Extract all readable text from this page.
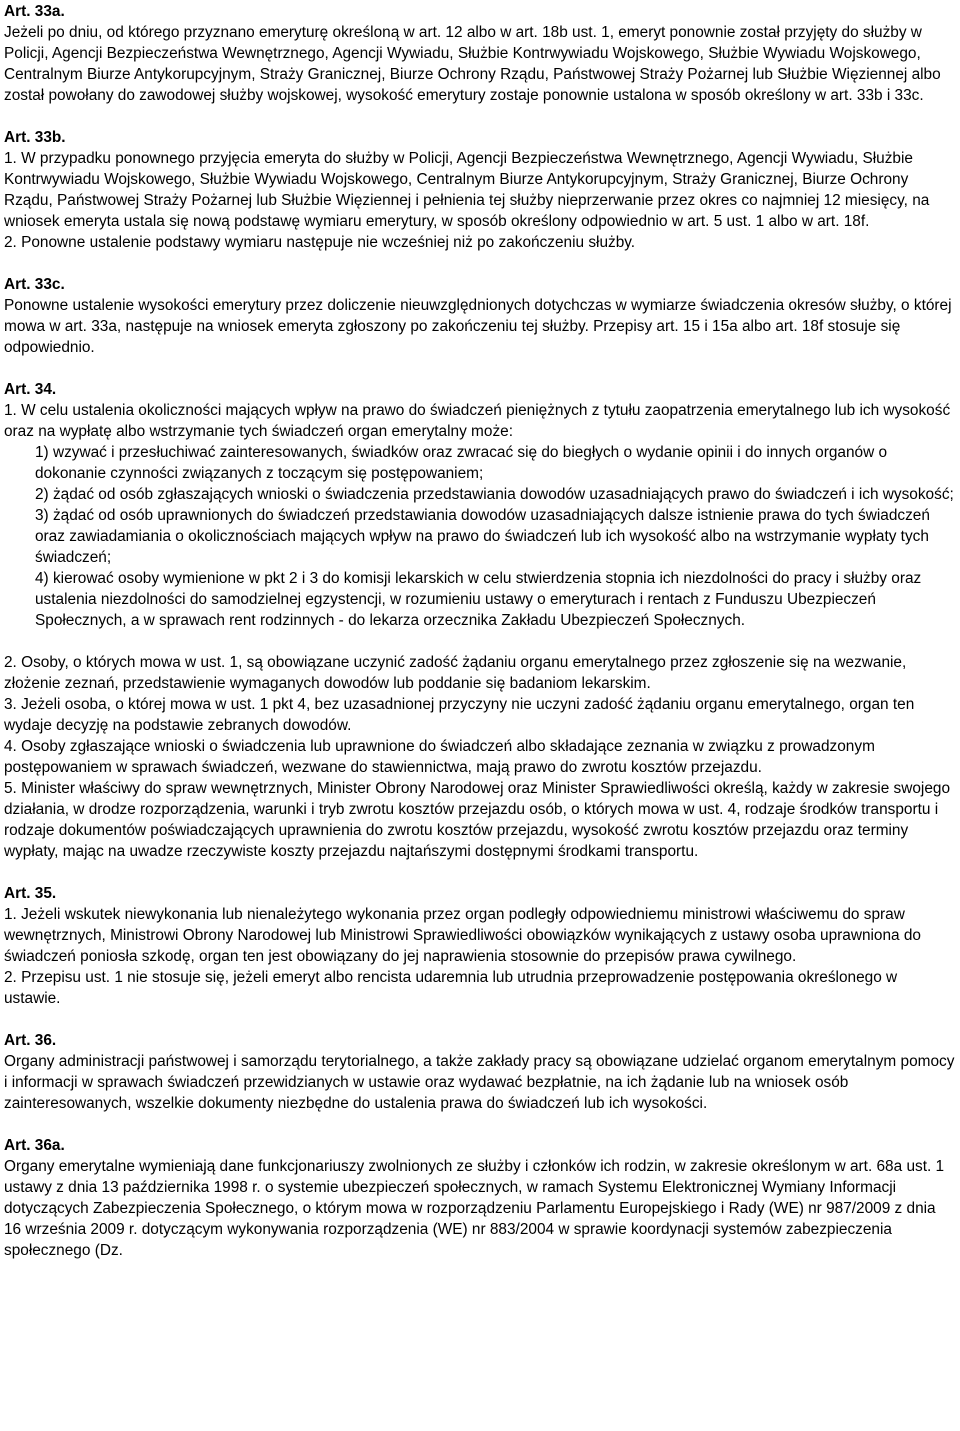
Art. 33a.
Jeżeli po dniu, od którego przyznano emeryturę określoną w art. 12 albo w art. 18b ust. 1, emeryt ponownie został przyjęty do służby w Policji, Agencji Bezpieczeństwa Wewnętrznego, Agencji Wywiadu, Służbie Kontrwywiadu Wojskowego, Służbie Wywiadu Wojskowego, Centralnym Biurze Antykorupcyjnym, Straży Granicznej, Biurze Ochrony Rządu, Państwowej Straży Pożarnej lub Służbie Więziennej albo został powołany do zawodowej służby wojskowej, wysokość emerytury zostaje ponownie ustalona w sposób określony w art. 33b i 33c.
Art. 33b.
1. W przypadku ponownego przyjęcia emeryta do służby w Policji, Agencji Bezpieczeństwa Wewnętrznego, Agencji Wywiadu, Służbie Kontrwywiadu Wojskowego, Służbie Wywiadu Wojskowego, Centralnym Biurze Antykorupcyjnym, Straży Granicznej, Biurze Ochrony Rządu, Państwowej Straży Pożarnej lub Służbie Więziennej i pełnienia tej służby nieprzerwanie przez okres co najmniej 12 miesięcy, na wniosek emeryta ustala się nową podstawę wymiaru emerytury, w sposób określony odpowiednio w art. 5 ust. 1 albo w art. 18f.
2. Ponowne ustalenie podstawy wymiaru następuje nie wcześniej niż po zakończeniu służby.
Art. 33c.
Ponowne ustalenie wysokości emerytury przez doliczenie nieuwzględnionych dotychczas w wymiarze świadczenia okresów służby, o której mowa w art. 33a, następuje na wniosek emeryta zgłoszony po zakończeniu tej służby. Przepisy art. 15 i 15a albo art. 18f stosuje się odpowiednio.
Art. 34.
1. W celu ustalenia okoliczności mających wpływ na prawo do świadczeń pieniężnych z tytułu zaopatrzenia emerytalnego lub ich wysokość oraz na wypłatę albo wstrzymanie tych świadczeń organ emerytalny może:
1) wzywać i przesłuchiwać zainteresowanych, świadków oraz zwracać się do biegłych o wydanie opinii i do innych organów o dokonanie czynności związanych z toczącym się postępowaniem;
2) żądać od osób zgłaszających wnioski o świadczenia przedstawiania dowodów uzasadniających prawo do świadczeń i ich wysokość;
3) żądać od osób uprawnionych do świadczeń przedstawiania dowodów uzasadniających dalsze istnienie prawa do tych świadczeń oraz zawiadamiania o okolicznościach mających wpływ na prawo do świadczeń lub ich wysokość albo na wstrzymanie wypłaty tych świadczeń;
4) kierować osoby wymienione w pkt 2 i 3 do komisji lekarskich w celu stwierdzenia stopnia ich niezdolności do pracy i służby oraz ustalenia niezdolności do samodzielnej egzystencji, w rozumieniu ustawy o emeryturach i rentach z Funduszu Ubezpieczeń Społecznych, a w sprawach rent rodzinnych - do lekarza orzecznika Zakładu Ubezpieczeń Społecznych.
2. Osoby, o których mowa w ust. 1, są obowiązane uczynić zadość żądaniu organu emerytalnego przez zgłoszenie się na wezwanie, złożenie zeznań, przedstawienie wymaganych dowodów lub poddanie się badaniom lekarskim.
3. Jeżeli osoba, o której mowa w ust. 1 pkt 4, bez uzasadnionej przyczyny nie uczyni zadość żądaniu organu emerytalnego, organ ten wydaje decyzję na podstawie zebranych dowodów.
4. Osoby zgłaszające wnioski o świadczenia lub uprawnione do świadczeń albo składające zeznania w związku z prowadzonym postępowaniem w sprawach świadczeń, wezwane do stawiennictwa, mają prawo do zwrotu kosztów przejazdu.
5. Minister właściwy do spraw wewnętrznych, Minister Obrony Narodowej oraz Minister Sprawiedliwości określą, każdy w zakresie swojego działania, w drodze rozporządzenia, warunki i tryb zwrotu kosztów przejazdu osób, o których mowa w ust. 4, rodzaje środków transportu i rodzaje dokumentów poświadczających uprawnienia do zwrotu kosztów przejazdu, wysokość zwrotu kosztów przejazdu oraz terminy wypłaty, mając na uwadze rzeczywiste koszty przejazdu najtańszymi dostępnymi środkami transportu.
Art. 35.
1. Jeżeli wskutek niewykonania lub nienależytego wykonania przez organ podległy odpowiedniemu ministrowi właściwemu do spraw wewnętrznych, Ministrowi Obrony Narodowej lub Ministrowi Sprawiedliwości obowiązków wynikających z ustawy osoba uprawniona do świadczeń poniosła szkodę, organ ten jest obowiązany do jej naprawienia stosownie do przepisów prawa cywilnego.
2. Przepisu ust. 1 nie stosuje się, jeżeli emeryt albo rencista udaremnia lub utrudnia przeprowadzenie postępowania określonego w ustawie.
Art. 36.
Organy administracji państwowej i samorządu terytorialnego, a także zakłady pracy są obowiązane udzielać organom emerytalnym pomocy i informacji w sprawach świadczeń przewidzianych w ustawie oraz wydawać bezpłatnie, na ich żądanie lub na wniosek osób zainteresowanych, wszelkie dokumenty niezbędne do ustalenia prawa do świadczeń lub ich wysokości.
Art. 36a.
Organy emerytalne wymieniają dane funkcjonariuszy zwolnionych ze służby i członków ich rodzin, w zakresie określonym w art. 68a ust. 1 ustawy z dnia 13 października 1998 r. o systemie ubezpieczeń społecznych, w ramach Systemu Elektronicznej Wymiany Informacji dotyczących Zabezpieczenia Społecznego, o którym mowa w rozporządzeniu Parlamentu Europejskiego i Rady (WE) nr 987/2009 z dnia 16 września 2009 r. dotyczącym wykonywania rozporządzenia (WE) nr 883/2004 w sprawie koordynacji systemów zabezpieczenia społecznego (Dz.
